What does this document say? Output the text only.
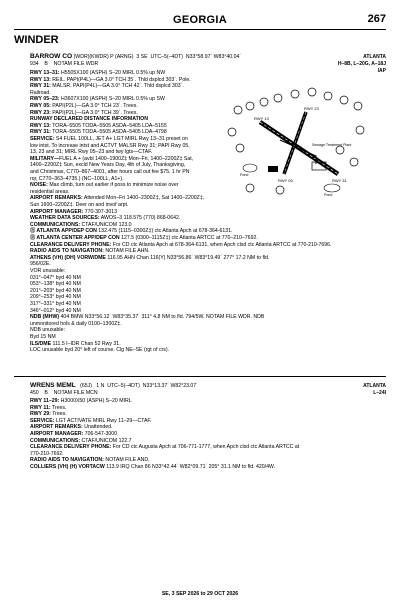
GEORGIA	267
WINDER
BARROW CO (WDR)(KWDR) P (ARNG) 3 SE UTC–5(–4DT) N33°58.97´ W83°40.04´
934 B NOTAM FILE WDR
ATLANTA
H–8B, L–20G, A–18J
IAP
RWY 13–31: H5505X100 (ASPH) S–20 MIRL 0.5% up NW
RWY 13: REIL. PAPI(P4L)—GA 3.0° TCH 35´. Thld dsplcd 303´. Pole.
RWY 31: MALSR. PAPI(P4L)—GA 3.0° TCH 42´. Thld dsplcd 303´.
Railroad.
RWY 05–23: H3607X100 (ASPH) S–20 MIRL 0.5% up SW
RWY 05: PAPI(P2L)—GA 3.0° TCH 23´. Trees.
RWY 23: PAPI(P2L)—GA 3.0° TCH 39´. Trees.
RUNWAY DECLARED DISTANCE INFORMATION
RWY 13: TORA–5505 TODA–5505 ASDA–5405 LDA–5155
RWY 31: TORA–5505 TODA–5505 ASDA–5405 LDA–4798
SERVICE: S4 FUEL 100LL, JET A+ LGT MIRL Rwy 13–31 preset on
low intst. To increase intst and ACTVT MALSR Rwy 31; PAPI Rwy 05,
13, 23 and 31; MIRL Rwy 05–23 and twy lgts—CTAF.
MILITARY—FUEL A + (avbl 1400–1900Z‡ Mon–Fri, 1400–2200Z‡ Sat,
1400–2200Z‡ Sun, excld New Years Day, 4th of July, Thanksgiving,
and Christmas, C770–867–4001, after hours call out fee $75, 1 hr PN
rqr, C770–363–4735.) (NC–100LL, A1+).
NOISE: Max climb, turn out earlier if poss to minimize noise over
residential areas.
AIRPORT REMARKS: Attended Mon–Fri 1400–2300Z‡, Sat 1400–2200Z‡,
Sun 1600–2200Z‡. Deer on and invof arpt.
AIRPORT MANAGER: 770-307-3013
WEATHER DATA SOURCES: AWOS–3 118.575 (770) 868-0642.
COMMUNICATIONS: CTAF/UNICOM 123.0
Ⓡ ATLANTA APP/DEP CON 132.475 (1115–0300Z‡) ctc Atlanta Apch at 678-364-6131.
Ⓡ ATLANTA CENTER APP/DEP CON 127.5 (0300–1115Z‡) ctc Atlanta ARTCC at 770–210–7692.
CLEARANCE DELIVERY PHONE: For CD ctc Atlanta Apch at 678-364-6131, when Apch clsd ctc Atlanta ARTCC at 770-210-7696.
RADIO AIDS TO NAVIGATION: NOTAM FILE AHN.
ATHENS (VH) (DH) VORW/DME 116.95 AHN Chan 116(Y) N33°56.86´ W83°19.49´ 277° 17.2 NM to fld.
956/02E.
VOR unusable:
031°–047° byd 40 NM
053°–138° byd 40 NM
201°–203° byd 40 NM
209°–253° byd 40 NM
317°–331° byd 40 NM
346°–012° byd 40 NM
NDB (MHW) 404 BMW N33°56.12´ W83°35.37´ 311° 4.8 NM to fld. 794/5W. NOTAM FILE WDR. NDB
unmonitored hols & daily 0100–1300Z‡.
NDB unusable:
Byd 15 NM
ILS/DME 111.5 I–IDR Chan 52 Rwy 31.
LOC unusable byd 20° left of course. Clg NE–SE (rgt of crs).
RWY 13
RWY 31
RWY 05
RWY 23
Sewage Treatment Plant
Pond
Pond
WRENS MEML (65J) 1 N UTC–5(–4DT) N33°13.37´ W82°23.07´
450 B NOTAM FILE MCN
ATLANTA
L–24I
RWY 11–29: H3000X50 (ASPH) S–20 MIRL
RWY 11: Trees.
RWY 29: Trees.
SERVICE: LGT ACTIVATE MIRL Rwy 11–29—CTAF.
AIRPORT REMARKS: Unattended.
AIRPORT MANAGER: 706-547-3000
COMMUNICATIONS: CTAF/UNICOM 122.7
CLEARANCE DELIVERY PHONE: For CD ctc Augusta Apch at 706-771-1777, when Apch clsd ctc Atlanta ARTCC at
770-210-7692.
RADIO AIDS TO NAVIGATION: NOTAM FILE AND.
COLLIERS (VH) (H) VORTACW 113.9 IRQ Chan 86 N33°42.44´ W82°09.71´ 205° 31.1 NM to fld. 420/4W.
SE, 3 SEP 2026 to 29 OCT 2026
